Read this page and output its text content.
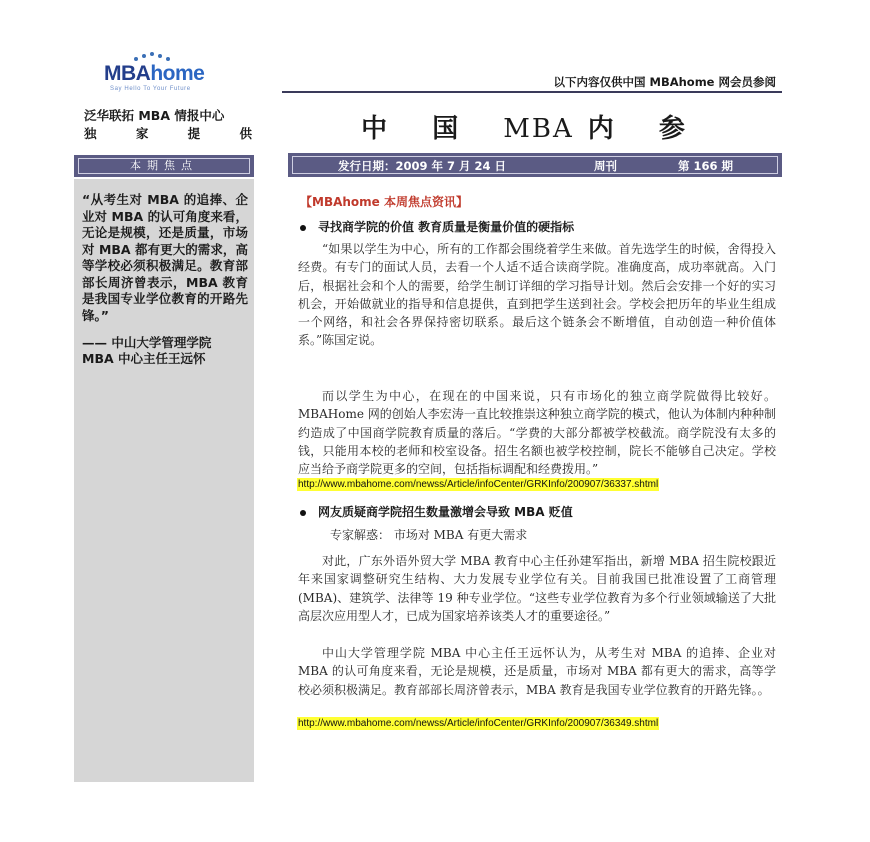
MBAhome
Say Hello To Your Future	以下内容仅供中国 MBAhome 网会员参阅
泛华联拓 MBA 情报中心
独	家	提	供	中 国 MBA 内 参
本期焦点
“从考生对 MBA 的追捧、企业对 MBA 的认可角度来看，无论是规模，还是质量，市场对 MBA 都有更大的需求，高等学校必须积极满足。教育部部长周济曾表示，MBA 教育是我国专业学位教育的开路先锋。”
—— 中山大学管理学院
MBA 中心主任王远怀
发行日期：2009 年 7 月 24 日	周刊	第 166 期
【MBAhome 本周焦点资讯】
寻找商学院的价值 教育质量是衡量价值的硬指标
“如果以学生为中心，所有的工作都会围绕着学生来做。首先选学生的时候，舍得投入经费。有专门的面试人员，去看一个人适不适合读商学院。准确度高，成功率就高。入门后，根据社会和个人的需要，给学生制订详细的学习指导计划。然后会安排一个好的实习机会，开始做就业的指导和信息提供，直到把学生送到社会。学校会把历年的毕业生组成一个网络，和社会各界保持密切联系。最后这个链条会不断增值，自动创造一种价值体系。”陈国定说。
而以学生为中心，在现在的中国来说，只有市场化的独立商学院做得比较好。MBAHome 网的创始人李宏涛一直比较推崇这种独立商学院的模式，他认为体制内种种制约造成了中国商学院教育质量的落后。“学费的大部分都被学校截流。商学院没有太多的钱，只能用本校的老师和校室设备。招生名额也被学校控制，院长不能够自己决定。学校应当给予商学院更多的空间，包括指标调配和经费拨用。”
http://www.mbahome.com/newss/Article/infoCenter/GRKInfo/200907/36337.shtml
网友质疑商学院招生数量激增会导致 MBA 贬值
专家解惑： 市场对 MBA 有更大需求
对此，广东外语外贸大学 MBA 教育中心主任孙建军指出，新增 MBA 招生院校跟近年来国家调整研究生结构、大力发展专业学位有关。目前我国已批准设置了工商管理(MBA)、建筑学、法律等 19 种专业学位。“这些专业学位教育为多个行业领域输送了大批高层次应用型人才，已成为国家培养该类人才的重要途径。”
中山大学管理学院 MBA 中心主任王远怀认为，从考生对 MBA 的追捧、企业对 MBA 的认可角度来看，无论是规模，还是质量，市场对 MBA 都有更大的需求，高等学校必须积极满足。教育部部长周济曾表示，MBA 教育是我国专业学位教育的开路先锋。。
http://www.mbahome.com/newss/Article/infoCenter/GRKInfo/200907/36349.shtml
